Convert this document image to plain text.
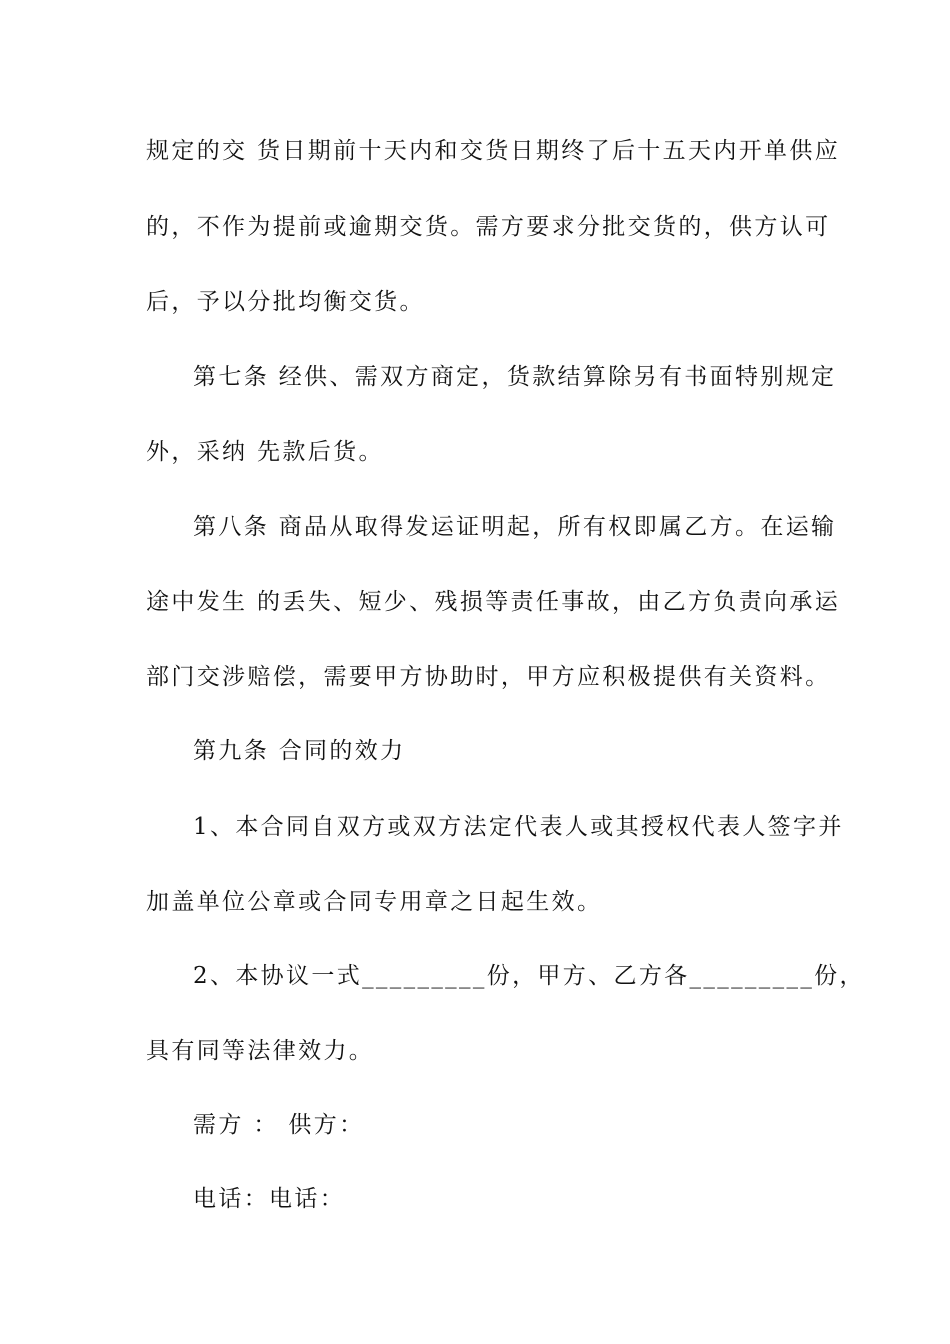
规定的交 货日期前十天内和交货日期终了后十五天内开单供应
的，不作为提前或逾期交货。需方要求分批交货的，供方认可
后，予以分批均衡交货。
第七条 经供、需双方商定，货款结算除另有书面特别规定
外，采纳 先款后货。
第八条 商品从取得发运证明起，所有权即属乙方。在运输
途中发生 的丢失、短少、残损等责任事故，由乙方负责向承运
部门交涉赔偿，需要甲方协助时，甲方应积极提供有关资料。
第九条 合同的效力
1、本合同自双方或双方法定代表人或其授权代表人签字并
加盖单位公章或合同专用章之日起生效。
2、本协议一式_________份，甲方、乙方各_________份，
具有同等法律效力。
需方 ： 供方：
电话：电话：
